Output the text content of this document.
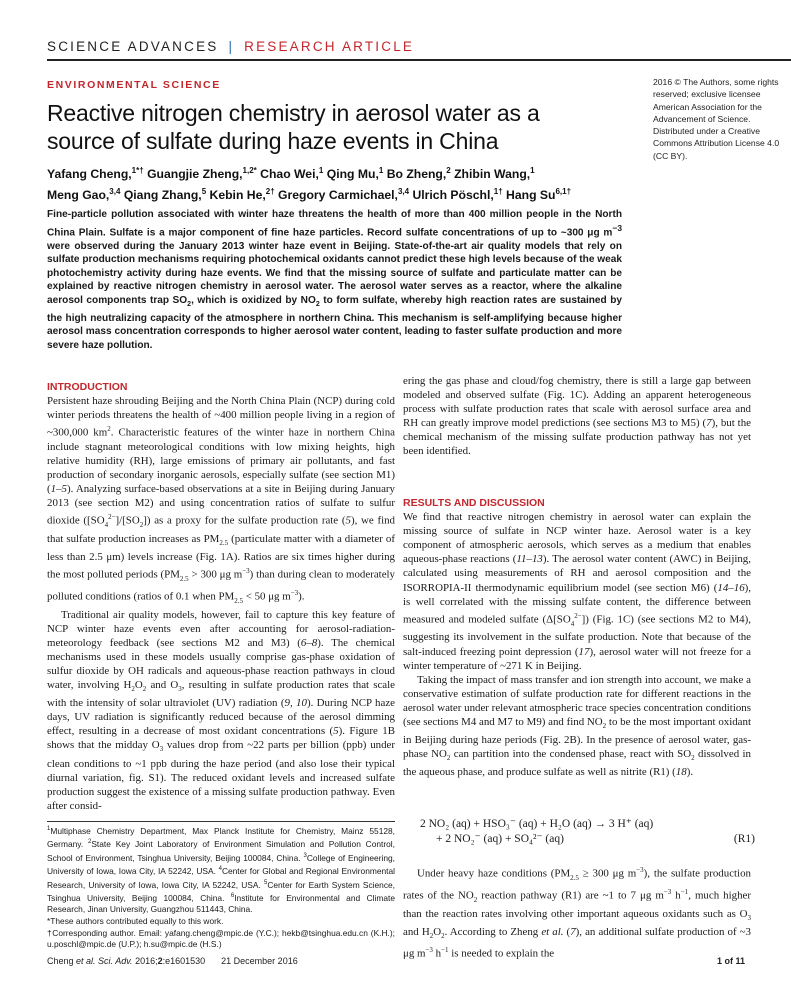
SCIENCE ADVANCES | RESEARCH ARTICLE
ENVIRONMENTAL SCIENCE
Reactive nitrogen chemistry in aerosol water as a source of sulfate during haze events in China
Yafang Cheng,$^{1*\dagger}$ Guangjie Zheng,$^{1,2*}$ Chao Wei,$^1$ Qing Mu,$^1$ Bo Zheng,$^2$ Zhibin Wang,$^1$
Meng Gao,$^{3,4}$ Qiang Zhang,$^5$ Kebin He,$^{2\dagger}$ Gregory Carmichael,$^{3,4}$ Ulrich Pöschl,$^{1\dagger}$ Hang $Su^{6,1\dagger}$
2016 © The Authors, some rights reserved; exclusive licensee American Association for the Advancement of Science. Distributed under a Creative Commons Attribution License 4.0 (CC BY).
Fine-particle pollution associated with winter haze threatens the health of more than 400 million people in the North China Plain. Sulfate is a major component of fine haze particles. Record sulfate concentrations of up to ~300 μg $m^{-3}$ were observed during the January 2013 winter haze event in Beijing. State-of-the-art air quality models that rely on sulfate production mechanisms requiring photochemical oxidants cannot predict these high levels because of the weak photochemistry activity during haze events. We find that the missing source of sulfate and particulate matter can be explained by reactive nitrogen chemistry in aerosol water. The aerosol water serves as a reactor, where the alkaline aerosol components trap $SO_2$, which is oxidized by $NO_2$ to form sulfate, whereby high reaction rates are sustained by the high neutralizing capacity of the atmosphere in northern China. This mechanism is self-amplifying because higher aerosol mass concentration corresponds to higher aerosol water content, leading to faster sulfate production and more severe haze pollution.
INTRODUCTION

Persistent haze shrouding Beijing and the North China Plain (NCP) during cold winter periods threatens the health of ~400 million people living in a region of ~300,000 $km^2$. Characteristic features of the winter haze in northern China include stagnant meteorological conditions with low mixing heights, high relative humidity (RH), large emissions of primary air pollutants, and fast production of secondary inorganic aerosols, especially sulfate (see section M1) (1–5). Analyzing surface-based observations at a site in Beijing during January 2013 (see section M2) and using concentration ratios of sulfate to sulfur dioxide $([SO_4^{2-}]/[SO_2])$ as a proxy for the sulfate production rate (5), we find that sulfate production increases as $PM_{2.5}$ (particulate matter with a diameter of less than 2.5 μm) levels increase (Fig. 1A). Ratios are six times higher during the most polluted periods ($PM_{2.5} > 300$ μg $m^{-3}$) than during clean to moderately polluted conditions (ratios of 0.1 when $PM_{2.5} < 50$ μg $m^{-3}$).

Traditional air quality models, however, fail to capture this key feature of NCP winter haze events even after accounting for aerosol-radiation-meteorology feedback (see sections M2 and M3) (6–8). The chemical mechanisms used in these models usually comprise gas-phase oxidation of sulfur dioxide by OH radicals and aqueous-phase reaction pathways in cloud water, involving $H_2O_2$ and $O_3$, resulting in sulfate production rates that scale with the intensity of solar ultraviolet (UV) radiation (9, 10). During NCP haze days, UV radiation is significantly reduced because of the aerosol dimming effect, resulting in a decrease of most oxidant concentrations (5). Figure 1B shows that the midday $O_3$ values drop from ~22 parts per billion (ppb) under clean conditions to ~1 ppb during the haze period (and also lose their typical diurnal variation, fig. S1). The reduced oxidant levels and increased sulfate production suggest the existence of a missing sulfate production pathway. Even after consid-

$^1$Multiphase Chemistry Department, Max Planck Institute for Chemistry, Mainz 55128, Germany. $^2$State Key Joint Laboratory of Environment Simulation and Pollution Control, School of Environment, Tsinghua University, Beijing 100084, China. $^3$College of Engineering, University of Iowa, Iowa City, IA 52242, USA. $^4$Center for Global and Regional Environmental Research, University of Iowa, Iowa City, IA 52242, USA. $^5$Center for Earth System Science, Tsinghua University, Beijing 100084, China. $^6$Institute for Environmental and Climate Research, Jinan University, Guangzhou 511443, China.

*These authors contributed equally to this work.

†Corresponding author. Email: yafang.cheng@mpic.de (Y.C.); hekb@tsinghua.edu.cn (K.H.); u.poschl@mpic.de (U.P.); h.su@mpic.de (H.S.)

ering the gas phase and cloud/fog chemistry, there is still a large gap between modeled and observed sulfate (Fig. 1C). Adding an apparent heterogeneous process with sulfate production rates that scale with aerosol surface area and RH can greatly improve model predictions (see sections M3 to M5) (7), but the chemical mechanism of the missing sulfate production pathway has not yet been identified.

RESULTS AND DISCUSSION

We find that reactive nitrogen chemistry in aerosol water can explain the missing source of sulfate in NCP winter haze. Aerosol water is a key component of atmospheric aerosols, which serves as a medium that enables aqueous-phase reactions (11–13). The aerosol water content (AWC) in Beijing, calculated using measurements of RH and aerosol composition and the ISORROPIA-II thermodynamic equilibrium model (see section M6) (14–16), is well correlated with the missing sulfate content, the difference between measured and modeled sulfate $(\Delta[SO_4^{2-}])$ (Fig. 1C) (see sections M2 to M4), suggesting its involvement in the sulfate production. Note that because of the salt-induced freezing point depression (17), aerosol water will not freeze for a winter temperature of ~271 K in Beijing.

Taking the impact of mass transfer and ion strength into account, we make a conservative estimation of sulfate production rate for different reactions in the aerosol water under relevant atmospheric trace species concentration conditions (see sections M4 and M7 to M9) and find $NO_2$ to be the most important oxidant in Beijing during haze periods (Fig. 2B). In the presence of aerosol water, gas-phase $NO_2$ can partition into the condensed phase, react with $SO_2$ dissolved in the aqueous phase, and produce sulfate as well as nitrite (R1) (18).

2 NO₂ (aq) + HSO₃⁻ (aq) + H₂O (aq) → 3 H⁺ (aq)
+ 2 NO₂⁻ (aq) + SO₄²⁻ (aq)	(R1)

Under heavy haze conditions ($PM_{2.5} \ge 300$ μg $m^{-3}$), the sulfate production rates of the $NO_2$ reaction pathway (R1) are ~1 to 7 μg $m^{-3}$ $h^{-1}$, much higher than the reaction rates involving other important aqueous oxidants such as $O_3$ and $H_2O_2$. According to Zheng et al. (7), an additional sulfate production of ~3 μg $m^{-3}$ $h^{-1}$ is needed to explain the

Cheng et al. Sci. Adv. 2016;2:e1601530 21 December 2016	1 of 11
